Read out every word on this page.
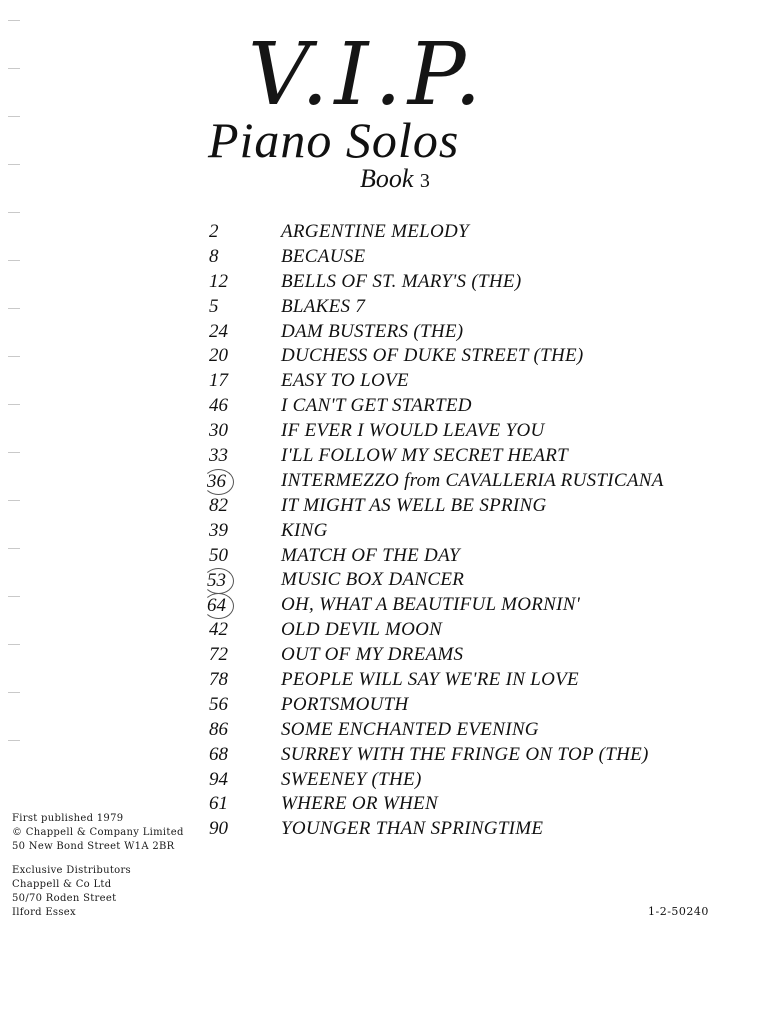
V.I.P.
Piano Solos
Book 3
2	ARGENTINE MELODY
8	BECAUSE
12	BELLS OF ST. MARY'S (THE)
5	BLAKES 7
24	DAM BUSTERS (THE)
20	DUCHESS OF DUKE STREET (THE)
17	EASY TO LOVE
46	I CAN'T GET STARTED
30	IF EVER I WOULD LEAVE YOU
33	I'LL FOLLOW MY SECRET HEART
36	INTERMEZZO from CAVALLERIA RUSTICANA
82	IT MIGHT AS WELL BE SPRING
39	KING
50	MATCH OF THE DAY
53	MUSIC BOX DANCER
64	OH, WHAT A BEAUTIFUL MORNIN'
42	OLD DEVIL MOON
72	OUT OF MY DREAMS
78	PEOPLE WILL SAY WE'RE IN LOVE
56	PORTSMOUTH
86	SOME ENCHANTED EVENING
68	SURREY WITH THE FRINGE ON TOP (THE)
94	SWEENEY (THE)
61	WHERE OR WHEN
90	YOUNGER THAN SPRINGTIME
First published 1979
© Chappell & Company Limited
50 New Bond Street W1A 2BR
Exclusive Distributors
Chappell & Co Ltd
50/70 Roden Street
Ilford Essex	1-2-50240
